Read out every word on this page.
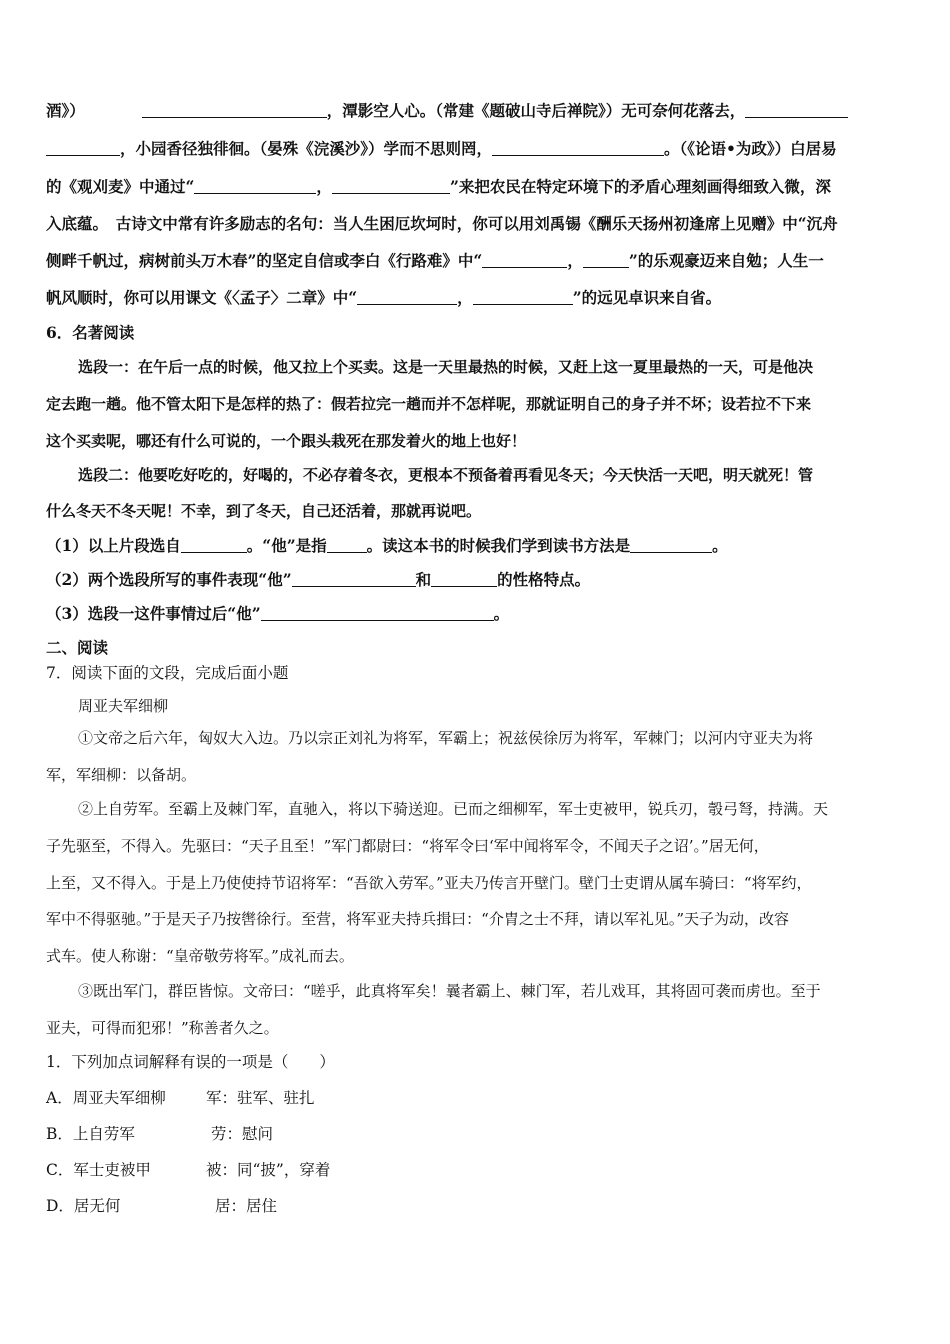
酒》）	，潭影空人心。（常建《题破山寺后禅院》）无可奈何花落去，
，小园香径独徘徊。（晏殊《浣溪沙》）学而不思则罔，	。（《论语•为政》）白居易
的《观刈麦》中通过“	，	”来把农民在特定环境下的矛盾心理刻画得细致入微，深
入底蕴。　古诗文中常有许多励志的名句：当人生困厄坎坷时，你可以用刘禹锡《酬乐天扬州初逢席上见赠》中“沉舟
侧畔千帆过，病树前头万木春”的坚定自信或李白《行路难》中“	，	”的乐观豪迈来自勉；人生一
帆风顺时，你可以用课文《〈孟子〉二章》中“	，	”的远见卓识来自省。
6．名著阅读
选段一：在午后一点的时候，他又拉上个买卖。这是一天里最热的时候，又赶上这一夏里最热的一天，可是他决
定去跑一趟。他不管太阳下是怎样的热了：假若拉完一趟而并不怎样呢，那就证明自己的身子并不坏；设若拉不下来
这个买卖呢，哪还有什么可说的，一个跟头栽死在那发着火的地上也好！
选段二：他要吃好吃的，好喝的，不必存着冬衣，更根本不预备着再看见冬天；今天快活一天吧，明天就死！管
什么冬天不冬天呢！不幸，到了冬天，自己还活着，那就再说吧。
（1）以上片段选自	。“他”是指	。读这本书的时候我们学到读书方法是	。
（2）两个选段所写的事件表现“他”	和	的性格特点。
（3）选段一这件事情过后“他”	。
二、阅读
7．阅读下面的文段，完成后面小题
周亚夫军细柳
①文帝之后六年，匈奴大入边。乃以宗正刘礼为将军，军霸上；祝兹侯徐厉为将军，军棘门；以河内守亚夫为将
军，军细柳：以备胡。
②上自劳军。至霸上及棘门军，直驰入，将以下骑送迎。已而之细柳军，军士吏被甲，锐兵刃，彀弓弩，持满。天
子先驱至，不得入。先驱曰：“天子且至！”军门都尉曰：“将军令曰‘军中闻将军令，不闻天子之诏’。”居无何，
上至，又不得入。于是上乃使使持节诏将军：“吾欲入劳军。”亚夫乃传言开壁门。壁门士吏谓从属车骑曰：“将军约，
军中不得驱驰。”于是天子乃按辔徐行。至营，将军亚夫持兵揖曰：“介胄之士不拜，请以军礼见。”天子为动，改容
式车。使人称谢：“皇帝敬劳将军。”成礼而去。
③既出军门，群臣皆惊。文帝曰：“嗟乎，此真将军矣！曩者霸上、棘门军，若儿戏耳，其将固可袭而虏也。至于
亚夫，可得而犯邪！”称善者久之。
1．下列加点词解释有误的一项是（　　）
A．周亚夫军细柳	军：驻军、驻扎
B．上自劳军	劳：慰问
C．军士吏被甲	被：同“披”，穿着
D．居无何	居：居住
